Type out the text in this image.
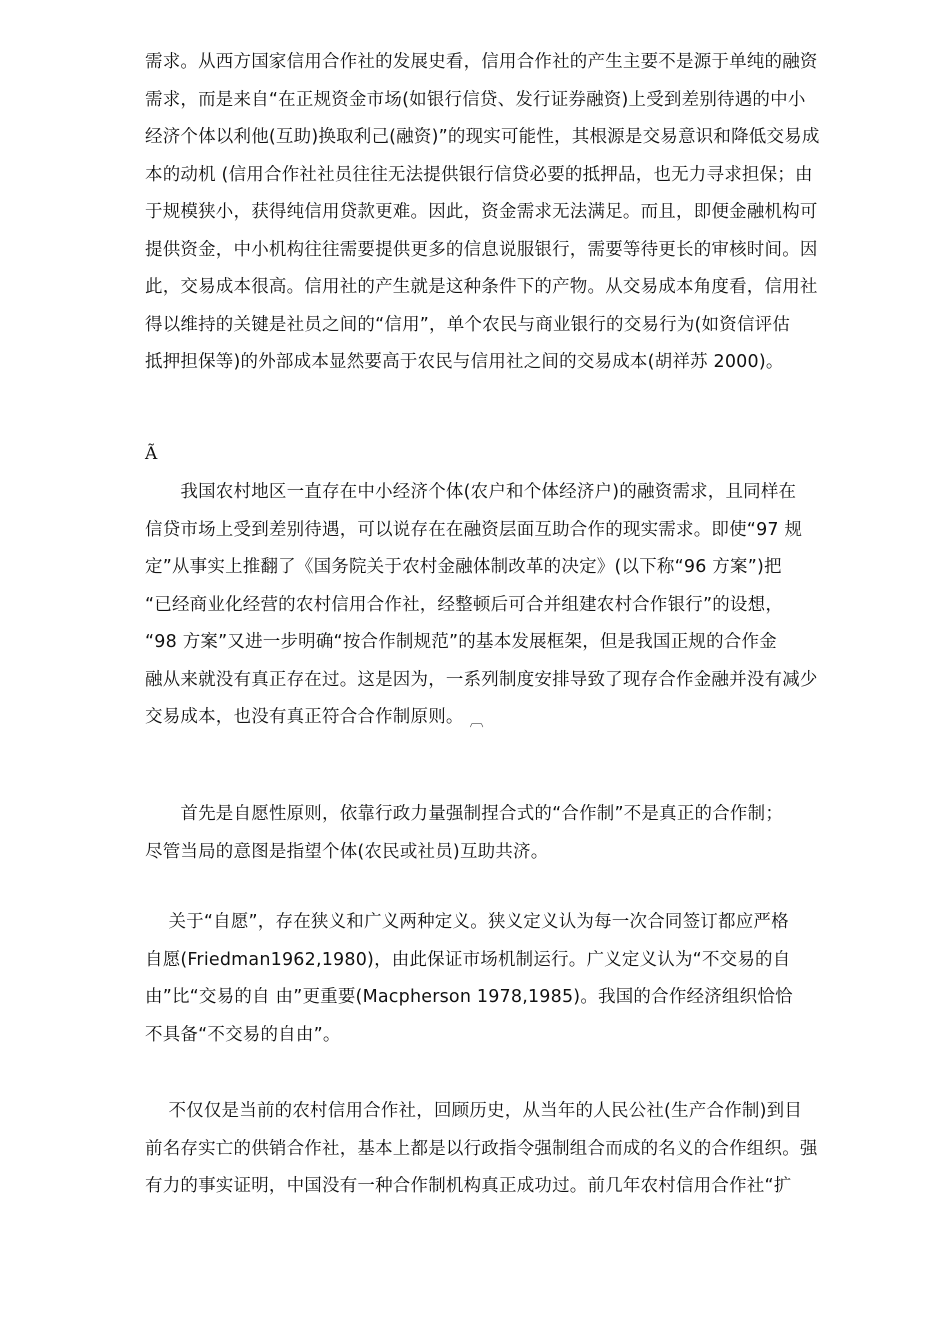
需求。从西方国家信用合作社的发展史看，信用合作社的产生主要不是源于单纯的融资
需求，而是来自“在正规资金市场(如银行信贷、发行证券融资)上受到差别待遇的中小
经济个体以利他(互助)换取利己(融资)”的现实可能性，其根源是交易意识和降低交易成
本的动机 (信用合作社社员往往无法提供银行信贷必要的抵押品，也无力寻求担保；由
于规模狭小，获得纯信用贷款更难。因此，资金需求无法满足。而且，即便金融机构可
提供资金，中小机构往往需要提供更多的信息说服银行，需要等待更长的审核时间。因
此，交易成本很高。信用社的产生就是这种条件下的产物。从交易成本角度看，信用社
得以维持的关键是社员之间的“信用”，单个农民与商业银行的交易行为(如资信评估
抵押担保等)的外部成本显然要高于农民与信用社之间的交易成本(胡祥苏 2000)。

Ã

　　我国农村地区一直存在中小经济个体(农户和个体经济户)的融资需求，且同样在
信贷市场上受到差别待遇，可以说存在在融资层面互助合作的现实需求。即使“97 规
定”从事实上推翻了《国务院关于农村金融体制改革的决定》(以下称“96 方案”)把
“已经商业化经营的农村信用合作社，经整顿后可合并组建农村合作银行”的设想，
“98 方案”又进一步明确“按合作制规范”的基本发展框架，但是我国正规的合作金
融从来就没有真正存在过。这是因为，一系列制度安排导致了现存合作金融并没有减少
交易成本，也没有真正符合合作制原则。 ︹

　　首先是自愿性原则，依靠行政力量强制捏合式的“合作制”不是真正的合作制；
尽管当局的意图是指望个体(农民或社员)互助共济。

　 关于“自愿”，存在狭义和广义两种定义。狭义定义认为每一次合同签订都应严格
自愿(Friedman1962,1980)，由此保证市场机制运行。广义定义认为“不交易的自
由”比“交易的自 由”更重要(Macpherson 1978,1985)。我国的合作经济组织恰恰
不具备“不交易的自由”。

　 不仅仅是当前的农村信用合作社，回顾历史，从当年的人民公社(生产合作制)到目
前名存实亡的供销合作社，基本上都是以行政指令强制组合而成的名义的合作组织。强
有力的事实证明，中国没有一种合作制机构真正成功过。前几年农村信用合作社“扩
